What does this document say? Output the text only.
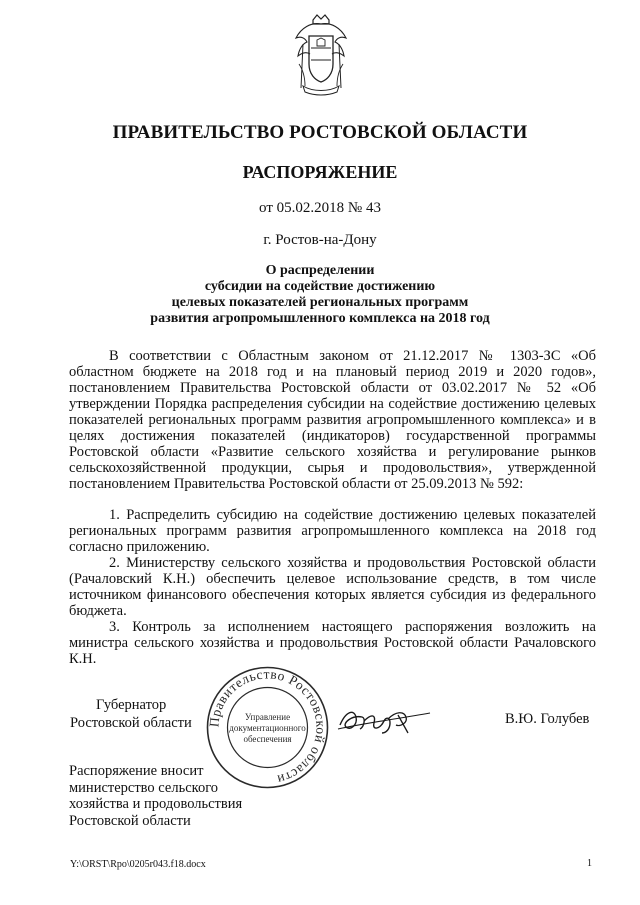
ПРАВИТЕЛЬСТВО РОСТОВСКОЙ ОБЛАСТИ
РАСПОРЯЖЕНИЕ
от 05.02.2018 № 43
г. Ростов-на-Дону
О распределении
субсидии на содействие достижению
целевых показателей региональных программ
развития агропромышленного комплекса на 2018 год

В соответствии с Областным законом от 21.12.2017 № 1303-ЗС «Об областном бюджете на 2018 год и на плановый период 2019 и 2020 годов», постановлением Правительства Ростовской области от 03.02.2017 № 52 «Об утверждении Порядка распределения субсидии на содействие достижению целевых показателей региональных программ развития агропромышленного комплекса» и в целях достижения показателей (индикаторов) государственной программы Ростовской области «Развитие сельского хозяйства и регулирование рынков сельскохозяйственной продукции, сырья и продовольствия», утвержденной постановлением Правительства Ростовской области от 25.09.2013 № 592:

1. Распределить субсидию на содействие достижению целевых показателей региональных программ развития агропромышленного комплекса на 2018 год согласно приложению.

2. Министерству сельского хозяйства и продовольствия Ростовской области (Рачаловский К.Н.) обеспечить целевое использование средств, в том числе источником финансового обеспечения которых является субсидия из федерального бюджета.

3. Контроль за исполнением настоящего распоряжения возложить на министра сельского хозяйства и продовольствия Ростовской области Рачаловского К.Н.

Губернатор
Ростовской области Правительство Ростовской области
Управление
документационного
обеспечения
В.Ю. Голубев
Распоряжение вносит
министерство сельского
хозяйства и продовольствия
Ростовской области
Y:\ORST\Rpo\0205r043.f18.docx	1
